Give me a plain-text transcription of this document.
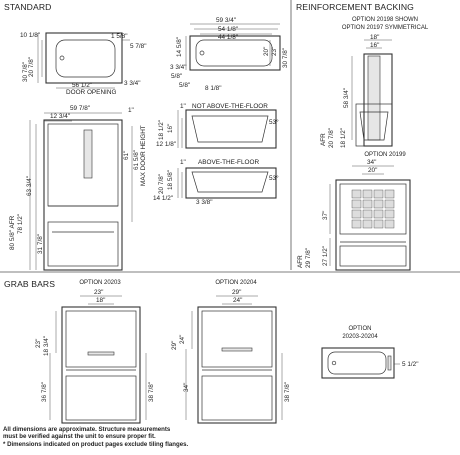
STANDARD	REINFORCEMENT BACKING
GRAB BARS
OPTION 20198 SHOWN
OPTION 20197 SYMMETRICAL
OPTION 20199
OPTION 20203	OPTION 20204
OPTION
20203-20204
10 1/8"	1 5/8"
20 7/8"
30 7/8"
5 7/8"
56 1/2"
DOOR OPENING
3 3/4"
59 3/4"
54 1/8"
44 1/8"
14 5/8"	20" 23" 30 7/8"
3 3/4"
5/8"
5/8" 8 1/8"
59 7/8"
12 3/4"
1"
80 5/8" AFR 78 1/2"
63 3/4"
31 7/8"
61" 61 5/8" MAX DOOR HEIGHT
1" NOT ABOVE-THE-FLOOR
18 1/2" 16"
12 1/8"
53°
1" ABOVE-THE-FLOOR
20 7/8" 18 5/8"
14 1/2"
3 3/8"
53°
18"
16"
58 3/4"
AFR 20 7/8" 18 1/2"
34"
20"
37"
AFR 29 7/8" 27 1/2"
23"
18"
23" 18 3/4"
36 7/8"	38 7/8"
29"
24"
29"
24"
34"	38 7/8"
5 1/2"
All dimensions are approximate. Structure measurements
must be verified against the unit to ensure proper fit.
* Dimensions indicated on product pages exclude tiling flanges.
